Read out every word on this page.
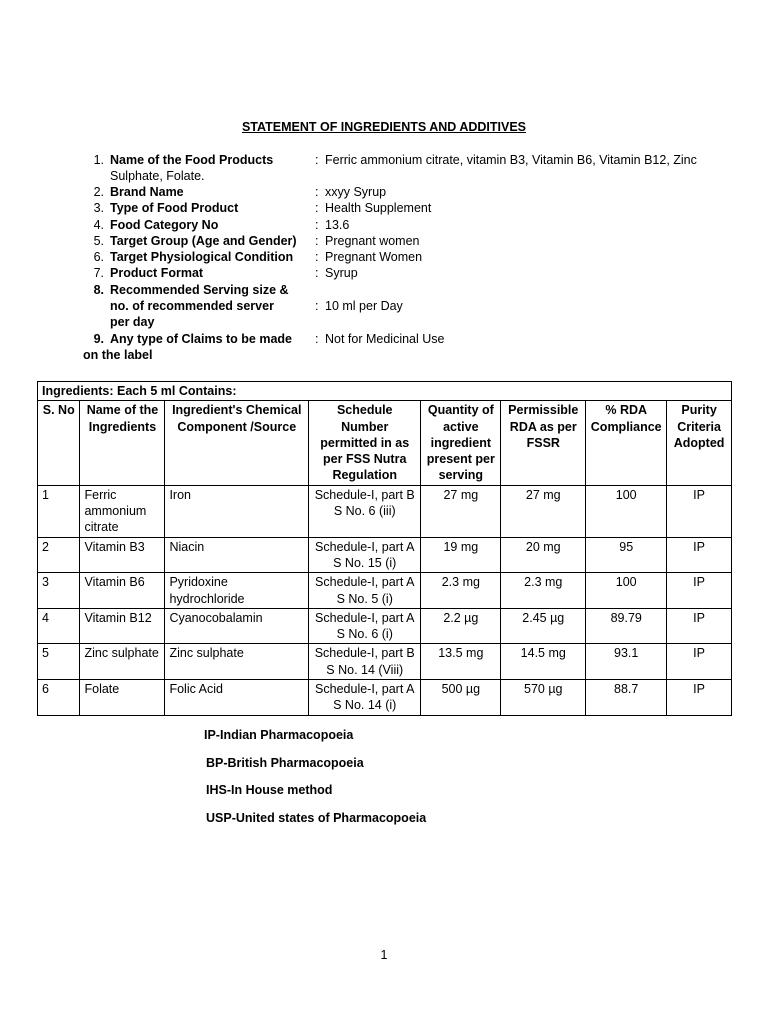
STATEMENT OF INGREDIENTS AND ADDITIVES
1. Name of the Food Products	: Ferric ammonium citrate, vitamin B3, Vitamin B6, Vitamin B12, Zinc
Sulphate, Folate.
2. Brand Name	: xxyy Syrup
3. Type of Food Product	: Health Supplement
4. Food Category No	: 13.6
5. Target Group (Age and Gender) : Pregnant women
6. Target Physiological Condition : Pregnant Women
7. Product Format	: Syrup
8. Recommended Serving size &
no. of recommended server
per day
: 10 ml per Day
9. Any type of Claims to be made
on the label
: Not for Medicinal Use
Ingredients: Each 5 ml Contains:							
S. No	Name of the Ingredients	Ingredient's Chemical Component /Source	Schedule Number permitted in as per FSS Nutra Regulation	Quantity of active ingredient present per serving	Permissible RDA as per FSSR	% RDA Compliance	Purity Criteria Adopted
1	Ferric ammonium citrate	Iron	Schedule-I, part B S No. 6 (iii)	27 mg	27 mg	100	IP
2	Vitamin B3	Niacin	Schedule-I, part A S No. 15 (i)	19 mg	20 mg	95	IP
3	Vitamin B6	Pyridoxine hydrochloride	Schedule-I, part A S No. 5 (i)	2.3 mg	2.3 mg	100	IP
4	Vitamin B12	Cyanocobalamin	Schedule-I, part A S No. 6 (i)	2.2 µg	2.45 µg	89.79	IP
5	Zinc sulphate	Zinc sulphate	Schedule-I, part B S No. 14 (Viii)	13.5 mg	14.5 mg	93.1	IP
6	Folate	Folic Acid	Schedule-I, part A S No. 14 (i)	500 µg	570 µg	88.7	IP
IP-Indian Pharmacopoeia
BP-British Pharmacopoeia
IHS-In House method
USP-United states of Pharmacopoeia
1
